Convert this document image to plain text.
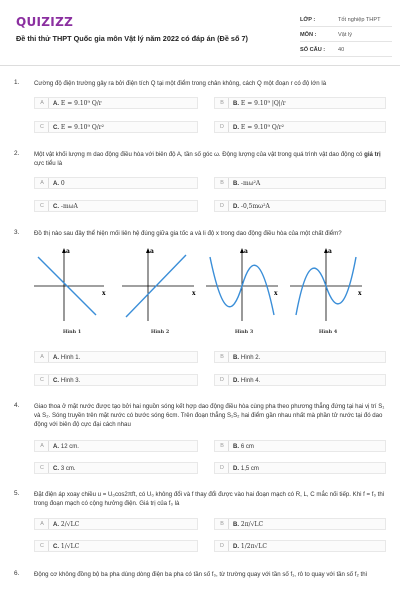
QUIZIZZ
Đề thi thử THPT Quốc gia môn Vật lý năm 2022 có đáp án (Đề số 7)
LỚP :	Tốt nghiệp THPT
MÔN :	Vật lý
SỐ CÂU :	40
1. Cường độ điện trường gây ra bởi điện tích Q tại một điểm trong chân không, cách Q một đoạn r có độ lớn là
A	A. E = 9.10⁹ Q/r	B	B. E = 9.10⁹ |Q|/r
C	C. E = 9.10⁹ Q/r²	D	D. E = 9.10⁹ Q/r²
2. Một vật khối lượng m dao động điều hòa với biên độ A, tần số góc ω. Động lượng của vật trong quá trình vật dao động có giá trị cực tiểu là
A	A. 0	B	B. -mω²A
C	C. -mωA	D	D. -0,5mω²A
3. Đồ thị nào sau đây thể hiện mối liên hệ đúng giữa gia tốc a và li độ x trong dao động điều hòa của một chất điểm?
a
x
Hình 1
a
x
Hình 2
a
x
Hình 3
a
x
Hình 4
A	A. Hình 1.	B	B. Hình 2.
C	C. Hình 3.	D	D. Hình 4.
4. Giao thoa ở mặt nước được tạo bởi hai nguồn sóng kết hợp dao động điều hòa cùng pha theo phương thẳng đứng tại hai vị trí S₁ và S₂. Sóng truyền trên mặt nước có bước sóng 6cm. Trên đoạn thẳng S₁S₂ hai điểm gần nhau nhất mà phần tử nước tại đó dao động với biên độ cực đại cách nhau
A	A. 12 cm.	B	B. 6 cm
C	C. 3 cm.	D	D. 1,5 cm
5. Đặt điện áp xoay chiều u = U₀cos2πft, có U₀ không đổi và f thay đổi được vào hai đoạn mạch có R, L, C mắc nối tiếp. Khi f = f₀ thì trong đoạn mạch có cộng hưởng điện. Giá trị của f₀ là
A	A. 2/√LC	B	B. 2π/√LC
C	C. 1/√LC	D	D. 1/2π√LC
6. Động cơ không đồng bộ ba pha dùng dòng điện ba pha có tần số f₀, từ trường quay với tần số f₁, rô to quay với tần số f₂ thì
